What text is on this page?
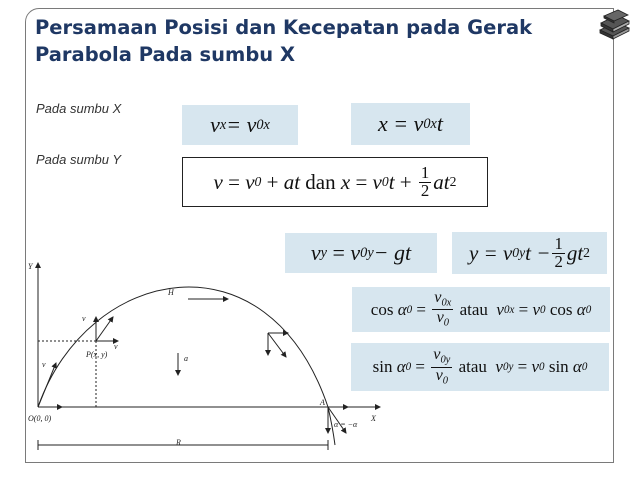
Persamaan Posisi dan Kecepatan pada Gerak Parabola Pada sumbu X
Pada sumbu X
Pada sumbu Y
v x = v 0x	x = v 0x t
v = v 0 + at
dan
x = v 0 $t + \frac{1}{2}$ at 2
v y = v 0y − gt	y = v 0y $t - \frac{1}{2}$ gt 2
cos
α $0 = \frac{v_{0x}}{v_0}$
atau
v 0x = v 0 cos α 0
sin
α $0 = \frac{v_{0y}}{v_0}$
atau
v 0y = v 0 sin α 0
Y
X
O(0, 0)
H
P(x, y)
R
A
a
α = −α
v
v
v
